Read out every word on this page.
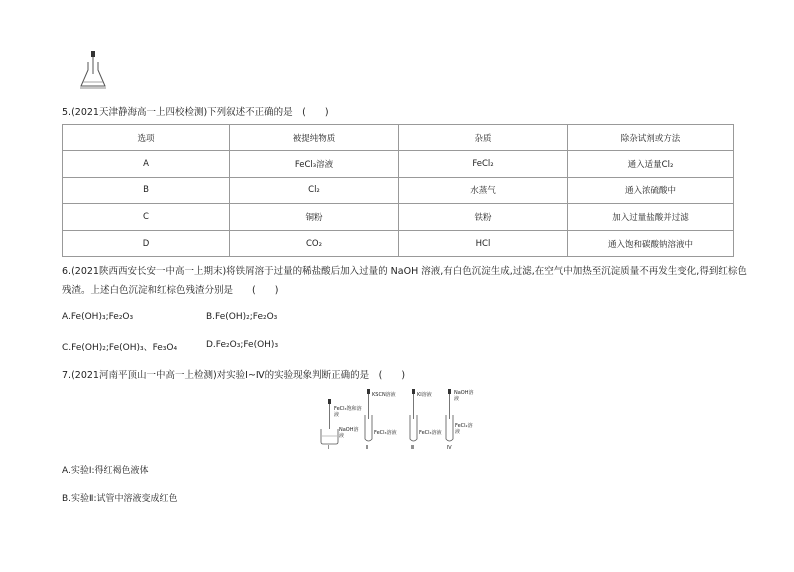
5.(2021天津静海高一上四校检测)下列叙述不正确的是　(　　)
选项	被提纯物质	杂质	除杂试剂或方法
A	FeCl₃溶液	FeCl₂	通入适量Cl₂
B	Cl₂	水蒸气	通入浓硫酸中
C	铜粉	铁粉	加入过量盐酸并过滤
D	CO₂	HCl	通入饱和碳酸钠溶液中
6.(2021陕西西安长安一中高一上期末)将铁屑溶于过量的稀盐酸后加入过量的 NaOH 溶液,有白色沉淀生成,过滤,在空气中加热至沉淀质量不再发生变化,得到红棕色
残渣。上述白色沉淀和红棕色残渣分别是　　(　　)
A.Fe(OH)₃;Fe₂O₃	B.Fe(OH)₂;Fe₂O₃
C.Fe(OH)₂;Fe(OH)₃、Fe₃O₄	D.Fe₂O₃;Fe(OH)₃
7.(2021河南平顶山一中高一上检测)对实验Ⅰ~Ⅳ的实验现象判断正确的是　(　　)
FeCl₃饱和溶液
NaOH溶液
Ⅰ
KSCN溶液
FeCl₃溶液
Ⅱ
KI溶液
FeCl₃溶液
Ⅲ
NaOH溶液
FeCl₂溶液
Ⅳ
A.实验Ⅰ:得红褐色液体
B.实验Ⅱ:试管中溶液变成红色
